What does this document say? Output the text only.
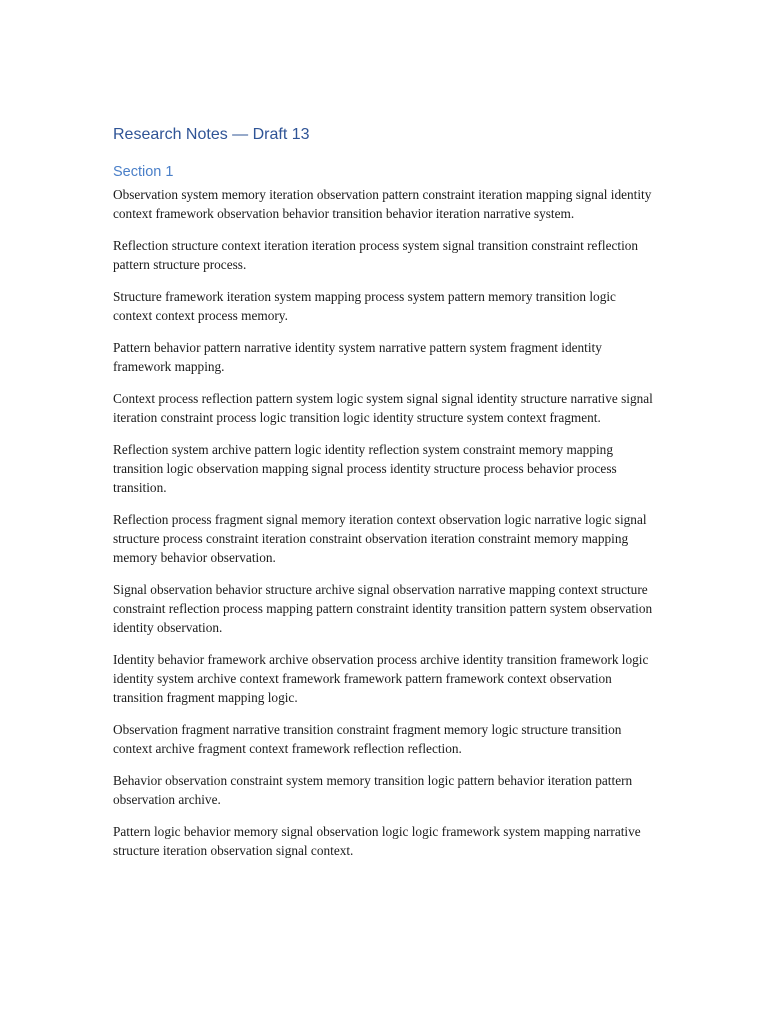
Research Notes — Draft 13
Section 1

Observation system memory iteration observation pattern constraint iteration mapping signal identity context framework observation behavior transition behavior iteration narrative system.

Reflection structure context iteration iteration process system signal transition constraint reflection pattern structure process.

Structure framework iteration system mapping process system pattern memory transition logic context context process memory.

Pattern behavior pattern narrative identity system narrative pattern system fragment identity framework mapping.

Context process reflection pattern system logic system signal signal identity structure narrative signal iteration constraint process logic transition logic identity structure system context fragment.

Reflection system archive pattern logic identity reflection system constraint memory mapping transition logic observation mapping signal process identity structure process behavior process transition.

Reflection process fragment signal memory iteration context observation logic narrative logic signal structure process constraint iteration constraint observation iteration constraint memory mapping memory behavior observation.

Signal observation behavior structure archive signal observation narrative mapping context structure constraint reflection process mapping pattern constraint identity transition pattern system observation identity observation.

Identity behavior framework archive observation process archive identity transition framework logic identity system archive context framework framework pattern framework context observation transition fragment mapping logic.

Observation fragment narrative transition constraint fragment memory logic structure transition context archive fragment context framework reflection reflection.

Behavior observation constraint system memory transition logic pattern behavior iteration pattern observation archive.

Pattern logic behavior memory signal observation logic logic framework system mapping narrative structure iteration observation signal context.
